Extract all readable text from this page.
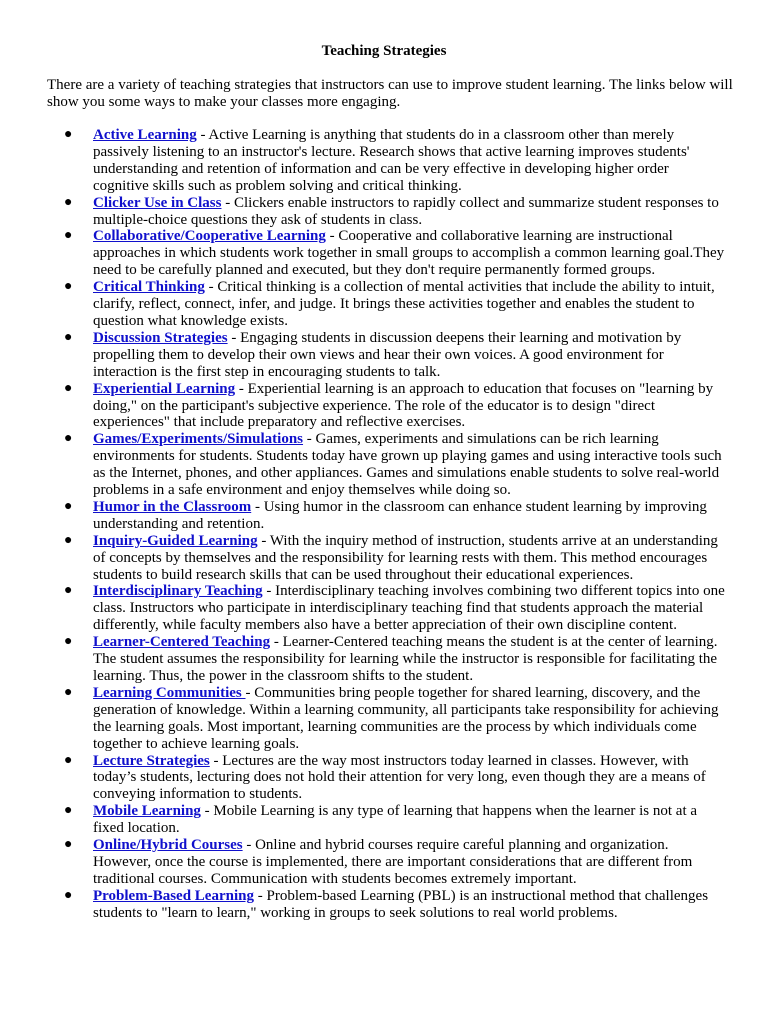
Teaching Strategies

There are a variety of teaching strategies that instructors can use to improve student learning. The links below will show you some ways to make your classes more engaging.

● Active Learning - Active Learning is anything that students do in a classroom other than merely passively listening to an instructor's lecture. Research shows that active learning improves students' understanding and retention of information and can be very effective in developing higher order cognitive skills such as problem solving and critical thinking.
● Clicker Use in Class - Clickers enable instructors to rapidly collect and summarize student responses to multiple-choice questions they ask of students in class.
● Collaborative/Cooperative Learning - Cooperative and collaborative learning are instructional approaches in which students work together in small groups to accomplish a common learning goal.They need to be carefully planned and executed, but they don't require permanently formed groups.
● Critical Thinking - Critical thinking is a collection of mental activities that include the ability to intuit, clarify, reflect, connect, infer, and judge. It brings these activities together and enables the student to question what knowledge exists.
● Discussion Strategies - Engaging students in discussion deepens their learning and motivation by propelling them to develop their own views and hear their own voices. A good environment for interaction is the first step in encouraging students to talk.
● Experiential Learning - Experiential learning is an approach to education that focuses on "learning by doing," on the participant's subjective experience. The role of the educator is to design "direct experiences" that include preparatory and reflective exercises.
● Games/Experiments/Simulations - Games, experiments and simulations can be rich learning environments for students. Students today have grown up playing games and using interactive tools such as the Internet, phones, and other appliances. Games and simulations enable students to solve real-world problems in a safe environment and enjoy themselves while doing so.
● Humor in the Classroom - Using humor in the classroom can enhance student learning by improving understanding and retention.
● Inquiry-Guided Learning - With the inquiry method of instruction, students arrive at an understanding of concepts by themselves and the responsibility for learning rests with them. This method encourages students to build research skills that can be used throughout their educational experiences.
● Interdisciplinary Teaching - Interdisciplinary teaching involves combining two different topics into one class. Instructors who participate in interdisciplinary teaching find that students approach the material differently, while faculty members also have a better appreciation of their own discipline content.
● Learner-Centered Teaching - Learner-Centered teaching means the student is at the center of learning. The student assumes the responsibility for learning while the instructor is responsible for facilitating the learning. Thus, the power in the classroom shifts to the student.
● Learning Communities - Communities bring people together for shared learning, discovery, and the generation of knowledge. Within a learning community, all participants take responsibility for achieving the learning goals. Most important, learning communities are the process by which individuals come together to achieve learning goals.
● Lecture Strategies - Lectures are the way most instructors today learned in classes. However, with today’s students, lecturing does not hold their attention for very long, even though they are a means of conveying information to students.
● Mobile Learning - Mobile Learning is any type of learning that happens when the learner is not at a fixed location.
● Online/Hybrid Courses - Online and hybrid courses require careful planning and organization. However, once the course is implemented, there are important considerations that are different from traditional courses. Communication with students becomes extremely important.
● Problem-Based Learning - Problem-based Learning (PBL) is an instructional method that challenges students to "learn to learn," working in groups to seek solutions to real world problems.
